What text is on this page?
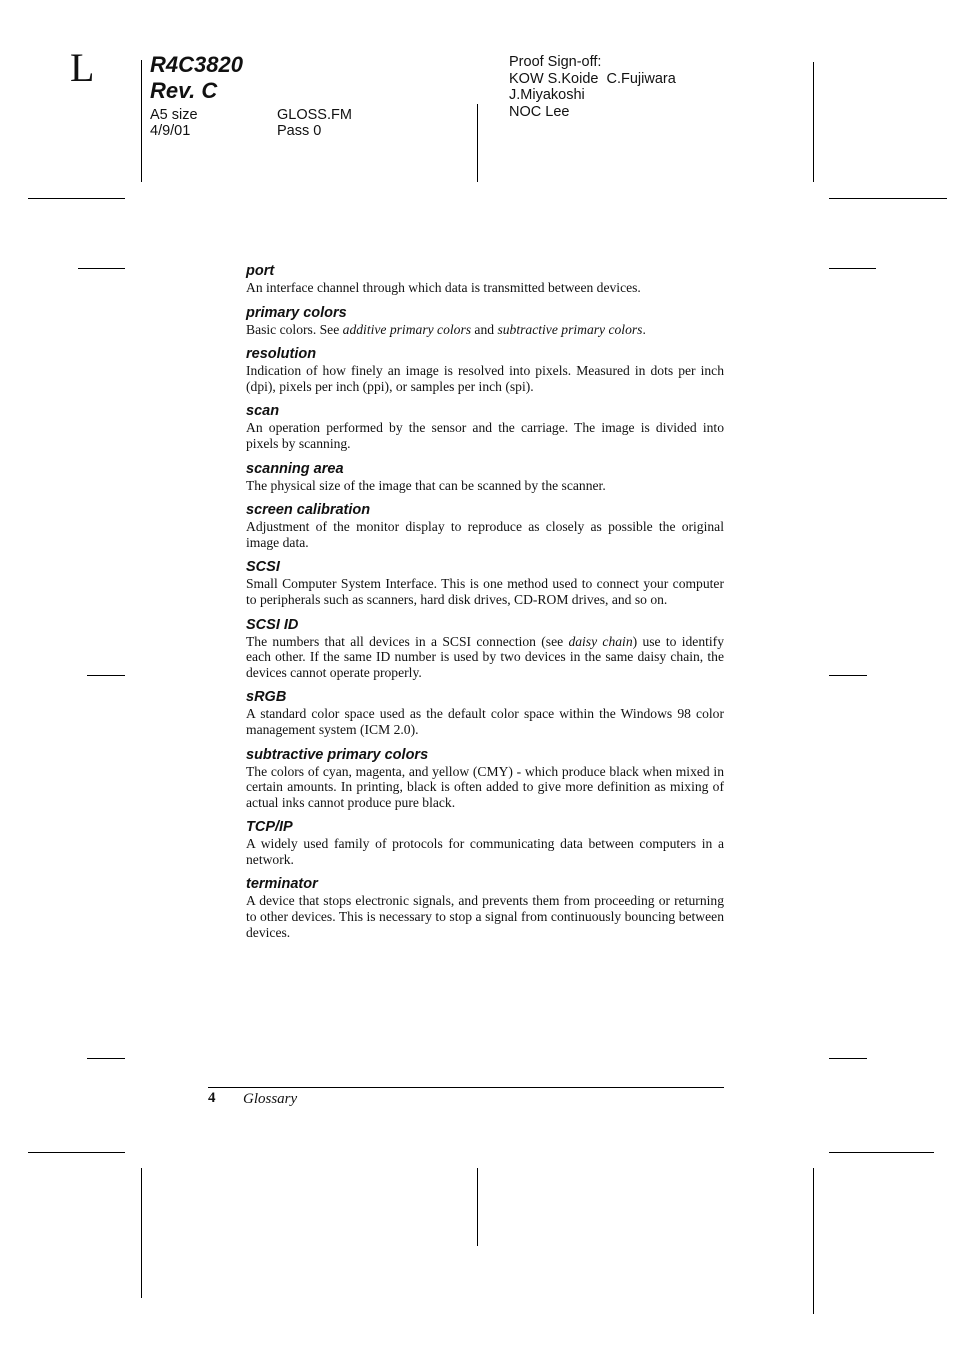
L	R4C3820
Rev. C
A5 size
4/9/01
GLOSS.FM
Pass 0
Proof Sign-off:
KOW S.Koide  C.Fujiwara
J.Miyakoshi
NOC Lee
port
An interface channel through which data is transmitted between devices.
primary colors
Basic colors. See additive primary colors and subtractive primary colors.
resolution
Indication of how finely an image is resolved into pixels. Measured in dots per inch (dpi), pixels per inch (ppi), or samples per inch (spi).
scan
An operation performed by the sensor and the carriage. The image is divided into pixels by scanning.
scanning area
The physical size of the image that can be scanned by the scanner.
screen calibration
Adjustment of the monitor display to reproduce as closely as possible the original image data.
SCSI
Small Computer System Interface. This is one method used to connect your computer to peripherals such as scanners, hard disk drives, CD-ROM drives, and so on.
SCSI ID
The numbers that all devices in a SCSI connection (see daisy chain) use to identify each other. If the same ID number is used by two devices in the same daisy chain, the devices cannot operate properly.
sRGB
A standard color space used as the default color space within the Windows 98 color management system (ICM 2.0).
subtractive primary colors
The colors of cyan, magenta, and yellow (CMY) - which produce black when mixed in certain amounts. In printing, black is often added to give more definition as mixing of actual inks cannot produce pure black.
TCP/IP
A widely used family of protocols for communicating data between computers in a network.
terminator
A device that stops electronic signals, and prevents them from proceeding or returning to other devices. This is necessary to stop a signal from continuously bouncing between devices.
4 Glossary
